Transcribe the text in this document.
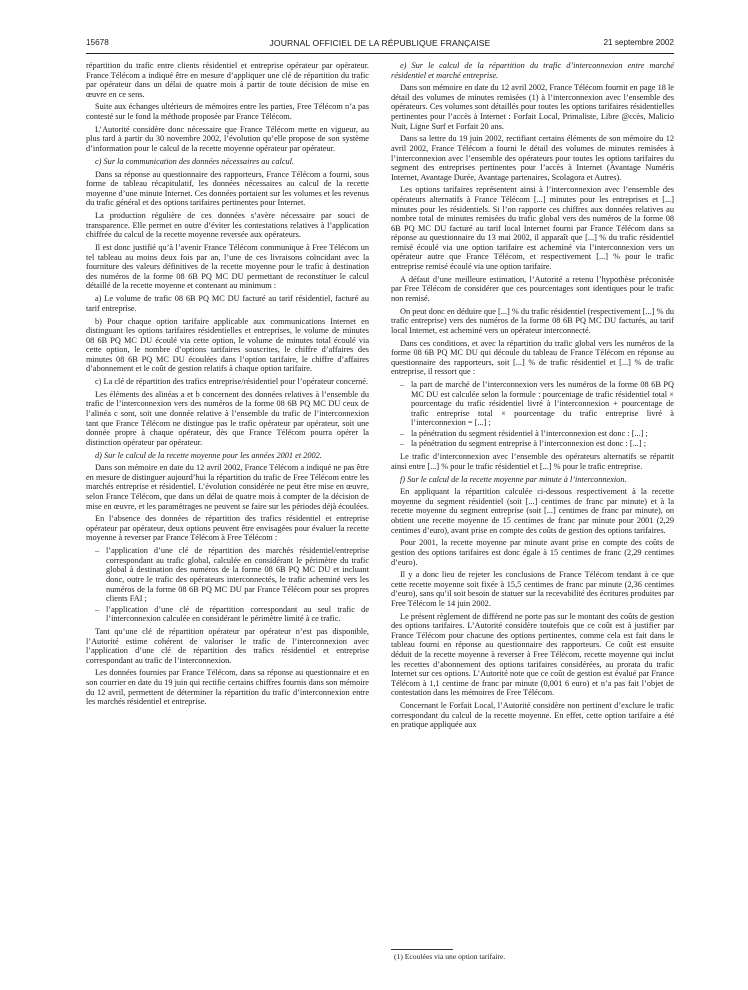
15678	JOURNAL OFFICIEL DE LA RÉPUBLIQUE FRANÇAISE	21 septembre 2002

répartition du trafic entre clients résidentiel et entreprise opérateur par opérateur. France Télécom a indiqué être en mesure d’appliquer une clé de répartition du trafic par opérateur dans un délai de quatre mois à partir de toute décision de mise en œuvre en ce sens.

Suite aux échanges ultérieurs de mémoires entre les parties, Free Télécom n’a pas contesté sur le fond la méthode proposée par France Télécom.

L’Autorité considère donc nécessaire que France Télécom mette en vigueur, au plus tard à partir du 30 novembre 2002, l’évolution qu’elle propose de son système d’information pour le calcul de la recette moyenne opérateur par opérateur.

c) Sur la communication des données nécessaires au calcul.

Dans sa réponse au questionnaire des rapporteurs, France Télécom a fourni, sous forme de tableau récapitulatif, les données nécessaires au calcul de la recette moyenne d’une minute Internet. Ces données portaient sur les volumes et les revenus du trafic général et des options tarifaires pertinentes pour Internet.

La production régulière de ces données s’avère nécessaire par souci de transparence. Elle permet en outre d’éviter les contestations relatives à l’application chiffrée du calcul de la recette moyenne reversée aux opérateurs.

Il est donc justifié qu’à l’avenir France Télécom communique à Free Télécom un tel tableau au moins deux fois par an, l’une de ces livraisons coïncidant avec la fourniture des valeurs définitives de la recette moyenne pour le trafic à destination des numéros de la forme 08 6B PQ MC DU permettant de reconstituer le calcul détaillé de la recette moyenne et contenant au minimum :

a) Le volume de trafic 08 6B PQ MC DU facturé au tarif résidentiel, facturé au tarif entreprise.

b) Pour chaque option tarifaire applicable aux communications Internet en distinguant les options tarifaires résidentielles et entreprises, le volume de minutes 08 6B PQ MC DU écoulé via cette option, le volume de minutes total écoulé via cette option, le nombre d’options tarifaires souscrites, le chiffre d’affaires des minutes 08 6B PQ MC DU écoulées dans l’option tarifaire, le chiffre d’affaires d’abonnement et le coût de gestion relatifs à chaque option tarifaire.

c) La clé de répartition des trafics entreprise/résidentiel pour l’opérateur concerné.

Les éléments des alinéas a et b concernent des données relatives à l’ensemble du trafic de l’interconnexion vers des numéros de la forme 08 6B PQ MC DU ceux de l’alinéa c sont, soit une donnée relative à l’ensemble du trafic de l’interconnexion tant que France Télécom ne distingue pas le trafic opérateur par opérateur, soit une donnée propre à chaque opérateur, dès que France Télécom pourra opérer la distinction opérateur par opérateur.

d) Sur le calcul de la recette moyenne pour les années 2001 et 2002.

Dans son mémoire en date du 12 avril 2002, France Télécom a indiqué ne pas être en mesure de distinguer aujourd’hui la répartition du trafic de Free Télécom entre les marchés entreprise et résidentiel. L’évolution considérée ne peut être mise en œuvre, selon France Télécom, que dans un délai de quatre mois à compter de la décision de mise en œuvre, et les paramétrages ne peuvent se faire sur les périodes déjà écoulées.

En l’absence des données de répartition des trafics résidentiel et entreprise opérateur par opérateur, deux options peuvent être envisagées pour évaluer la recette moyenne à reverser par France Télécom à Free Télécom :

– l’application d’une clé de répartition des marchés résidentiel/entreprise correspondant au trafic global, calculée en considérant le périmètre du trafic global à destination des numéros de la forme 08 6B PQ MC DU et incluant donc, outre le trafic des opérateurs interconnectés, le trafic acheminé vers les numéros de la forme 08 6B PQ MC DU par France Télécom pour ses propres clients FAI ;
– l’application d’une clé de répartition correspondant au seul trafic de l’interconnexion calculée en considérant le périmètre limité à ce trafic.

Tant qu’une clé de répartition opérateur par opérateur n’est pas disponible, l’Autorité estime cohérent de valoriser le trafic de l’interconnexion avec l’application d’une clé de répartition des trafics résidentiel et entreprise correspondant au trafic de l’interconnexion.

Les données fournies par France Télécom, dans sa réponse au questionnaire et en son courrier en date du 19 juin qui rectifie certains chiffres fournis dans son mémoire du 12 avril, permettent de déterminer la répartition du trafic d’interconnexion entre les marchés résidentiel et entreprise.

e) Sur le calcul de la répartition du trafic d’interconnexion entre marché résidentiel et marché entreprise.

Dans son mémoire en date du 12 avril 2002, France Télécom fournit en page 18 le détail des volumes de minutes remisées (1) à l’interconnexion avec l’ensemble des opérateurs. Ces volumes sont détaillés pour toutes les options tarifaires résidentielles pertinentes pour l’accès à Internet : Forfait Local, Primaliste, Libre @ccès, Malicio Nuit, Ligne Surf et Forfait 20 ans.

Dans sa lettre du 19 juin 2002, rectifiant certains éléments de son mémoire du 12 avril 2002, France Télécom a fourni le détail des volumes de minutes remisées à l’interconnexion avec l’ensemble des opérateurs pour toutes les options tarifaires du segment des entreprises pertinentes pour l’accès à Internet (Avantage Numéris Internet, Avantage Durée, Avantage partenaires, Scolagora et Autres).

Les options tarifaires représentent ainsi à l’interconnexion avec l’ensemble des opérateurs alternatifs à France Télécom [...] minutes pour les entreprises et [...] minutes pour les résidentiels. Si l’on rapporte ces chiffres aux données relatives au nombre total de minutes remisées du trafic global vers des numéros de la forme 08 6B PQ MC DU facturé au tarif local Internet fourni par France Télécom dans sa réponse au questionnaire du 13 mai 2002, il apparaît que [...] % du trafic résidentiel remisé écoulé via une option tarifaire est acheminé via l’interconnexion vers un opérateur autre que France Télécom, et respectivement [...] % pour le trafic entreprise remisé écoulé via une option tarifaire.

A défaut d’une meilleure estimation, l’Autorité a retenu l’hypothèse préconisée par Free Télécom de considérer que ces pourcentages sont identiques pour le trafic non remisé.

On peut donc en déduire que [...] % du trafic résidentiel (respectivement [...] % du trafic entreprise) vers des numéros de la forme 08 6B PQ MC DU facturés, au tarif local Internet, est acheminé vers un opérateur interconnecté.

Dans ces conditions, et avec la répartition du trafic global vers les numéros de la forme 08 6B PQ MC DU qui découle du tableau de France Télécom en réponse au questionnaire des rapporteurs, soit [...] % de trafic résidentiel et [...] % de trafic entreprise, il ressort que :

– la part de marché de l’interconnexion vers les numéros de la forme 08 6B PQ MC DU est calculée selon la formule : pourcentage de trafic résidentiel total × pourcentage du trafic résidentiel livré à l’interconnexion + pourcentage de trafic entreprise total × pourcentage du trafic entreprise livré à l’interconnexion = [...] ;
– la pénétration du segment résidentiel à l’interconnexion est donc : [...] ;
– la pénétration du segment entreprise à l’interconnexion est donc : [...] ;

Le trafic d’interconnexion avec l’ensemble des opérateurs alternatifs se répartit ainsi entre [...] % pour le trafic résidentiel et [...] % pour le trafic entreprise.

f) Sur le calcul de la recette moyenne par minute à l’interconnexion.

En appliquant la répartition calculée ci-dessous respectivement à la recette moyenne du segment résidentiel (soit [...] centimes de franc par minute) et à la recette moyenne du segment entreprise (soit [...] centimes de franc par minute), on obtient une recette moyenne de 15 centimes de franc par minute pour 2001 (2,29 centimes d’euro), avant prise en compte des coûts de gestion des options tarifaires.

Pour 2001, la recette moyenne par minute avant prise en compte des coûts de gestion des options tarifaires est donc égale à 15 centimes de franc (2,29 centimes d’euro).

Il y a donc lieu de rejeter les conclusions de France Télécom tendant à ce que cette recette moyenne soit fixée à 15,5 centimes de franc par minute (2,36 centimes d’euro), sans qu’il soit besoin de statuer sur la recevabilité des écritures produites par Free Télécom le 14 juin 2002.

Le présent règlement de différend ne porte pas sur le montant des coûts de gestion des options tarifaires. L’Autorité considère toutefois que ce coût est à justifier par France Télécom pour chacune des options pertinentes, comme cela est fait dans le tableau fourni en réponse au questionnaire des rapporteurs. Ce coût est ensuite déduit de la recette moyenne à reverser à Free Télécom, recette moyenne qui inclut les recettes d’abonnement des options tarifaires considérées, au prorata du trafic Internet sur ces options. L’Autorité note que ce coût de gestion est évalué par France Télécom à 1,1 centime de franc par minute (0,001 6 euro) et n’a pas fait l’objet de contestation dans les mémoires de Free Télécom.

Concernant le Forfait Local, l’Autorité considère non pertinent d’exclure le trafic correspondant du calcul de la recette moyenne. En effet, cette option tarifaire a été en pratique appliquée aux

(1) Ecoulées via une option tarifaire.
